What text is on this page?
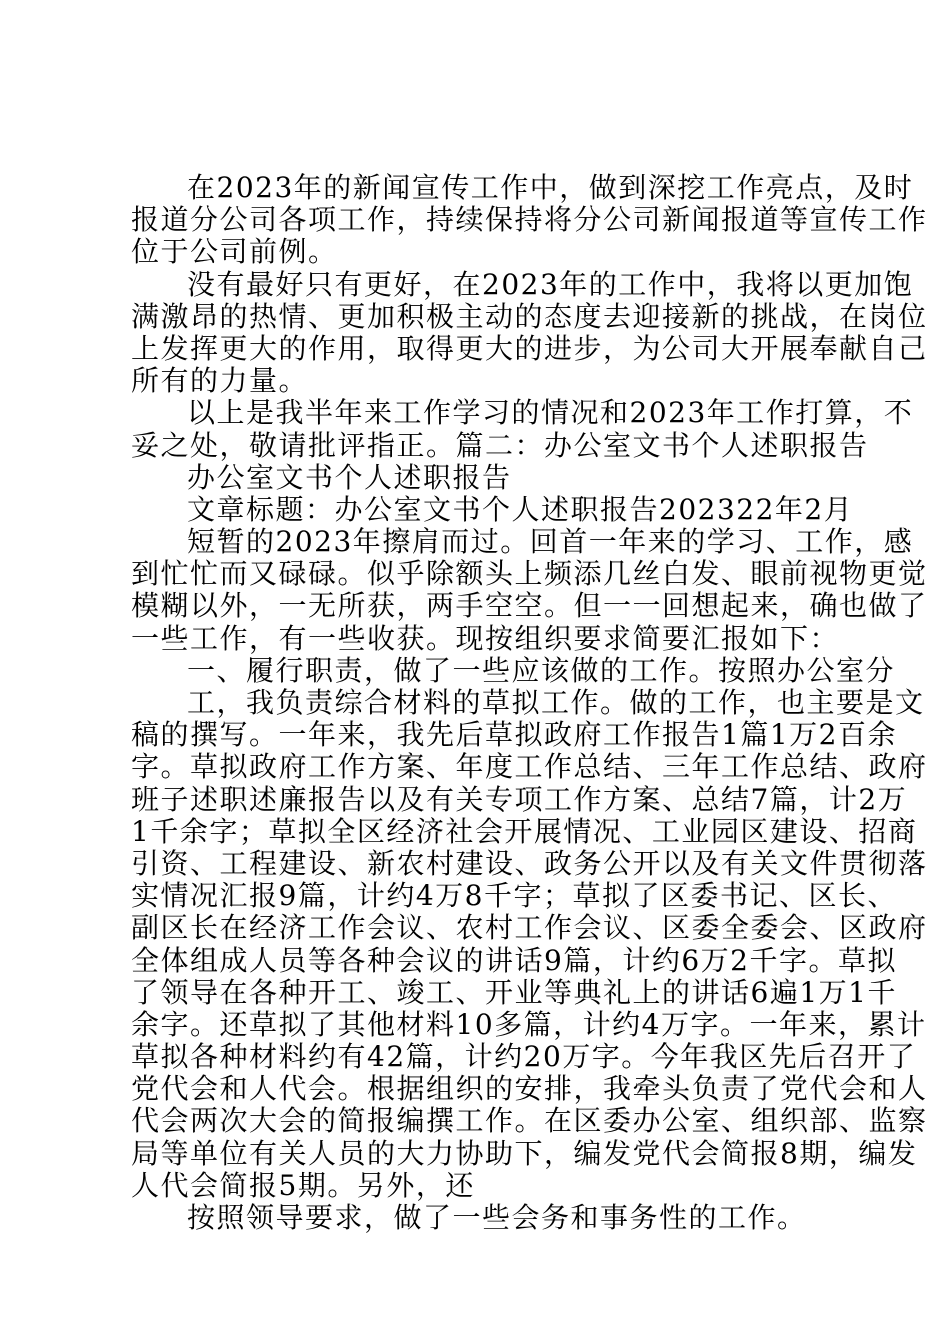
在2023年的新闻宣传工作中，做到深挖工作亮点，及时
报道分公司各项工作，持续保持将分公司新闻报道等宣传工作
位于公司前例。
没有最好只有更好，在2023年的工作中，我将以更加饱
满激昂的热情、更加积极主动的态度去迎接新的挑战，在岗位
上发挥更大的作用，取得更大的进步，为公司大开展奉献自己
所有的力量。
以上是我半年来工作学习的情况和2023年工作打算，不
妥之处，敬请批评指正。篇二：办公室文书个人述职报告
办公室文书个人述职报告
文章标题：办公室文书个人述职报告202322年2月
短暂的2023年擦肩而过。回首一年来的学习、工作，感
到忙忙而又碌碌。似乎除额头上频添几丝白发、眼前视物更觉
模糊以外，一无所获，两手空空。但一一回想起来，确也做了
一些工作，有一些收获。现按组织要求简要汇报如下：
一、履行职责，做了一些应该做的工作。按照办公室分
工，我负责综合材料的草拟工作。做的工作，也主要是文
稿的撰写。一年来，我先后草拟政府工作报告1篇1万2百余
字。草拟政府工作方案、年度工作总结、三年工作总结、政府
班子述职述廉报告以及有关专项工作方案、总结7篇，计2万
1千余字；草拟全区经济社会开展情况、工业园区建设、招商
引资、工程建设、新农村建设、政务公开以及有关文件贯彻落
实情况汇报9篇，计约4万8千字；草拟了区委书记、区长、
副区长在经济工作会议、农村工作会议、区委全委会、区政府
全体组成人员等各种会议的讲话9篇，计约6万2千字。草拟
了领导在各种开工、竣工、开业等典礼上的讲话6遍1万1千
余字。还草拟了其他材料10多篇，计约4万字。一年来，累计
草拟各种材料约有42篇，计约20万字。今年我区先后召开了
党代会和人代会。根据组织的安排，我牵头负责了党代会和人
代会两次大会的简报编撰工作。在区委办公室、组织部、监察
局等单位有关人员的大力协助下，编发党代会简报8期，编发
人代会简报5期。另外，还
按照领导要求，做了一些会务和事务性的工作。
